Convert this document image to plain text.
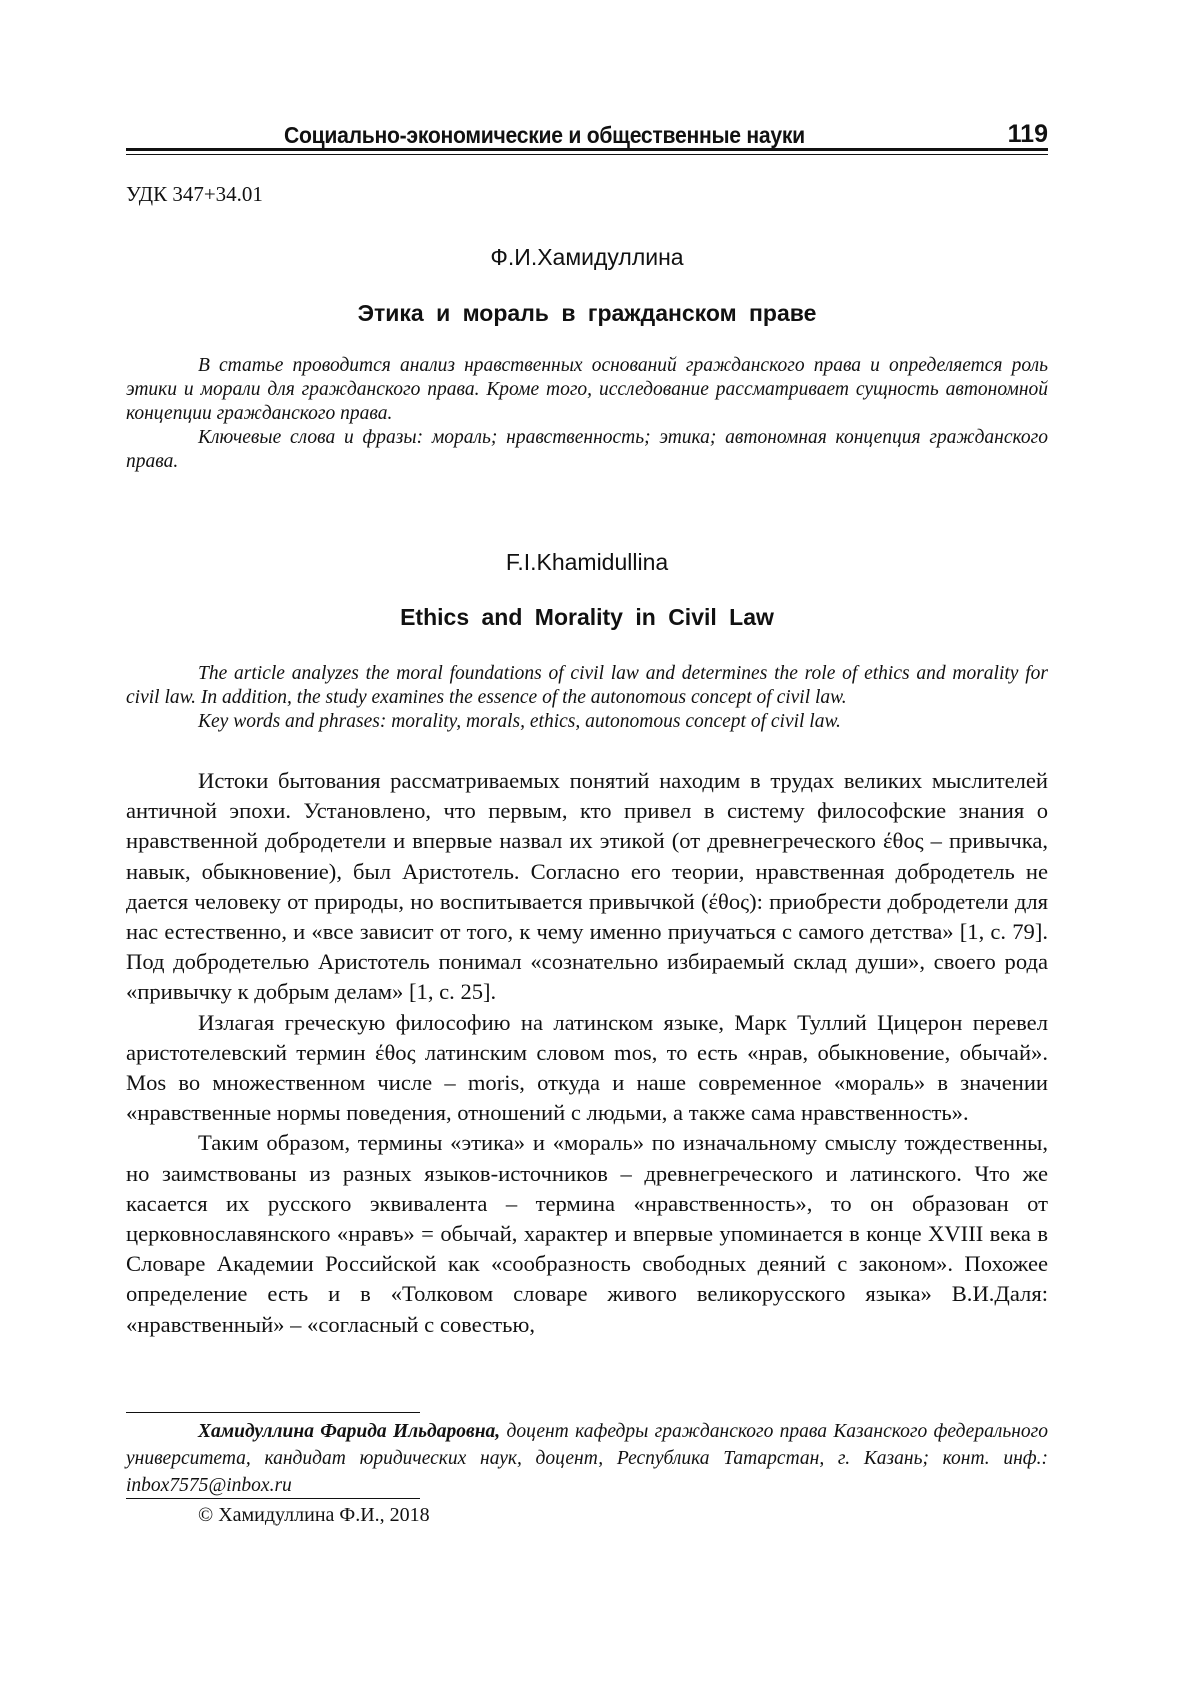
Социально-экономические и общественные науки	119
УДК 347+34.01
Ф.И.Хамидуллина
Этика и мораль в гражданском праве

В статье проводится анализ нравственных оснований гражданского права и определяется роль этики и морали для гражданского права. Кроме того, исследование рассматривает сущность автономной концепции гражданского права.

Ключевые слова и фразы: мораль; нравственность; этика; автономная концепция гражданского права.

F.I.Khamidullina
Ethics and Morality in Civil Law

The article analyzes the moral foundations of civil law and determines the role of ethics and morality for civil law. In addition, the study examines the essence of the autonomous concept of civil law.

Key words and phrases: morality, morals, ethics, autonomous concept of civil law.

Истоки бытования рассматриваемых понятий находим в трудах великих мыслителей античной эпохи. Установлено, что первым, кто привел в систему философские знания о нравственной добродетели и впервые назвал их этикой (от древнегреческого έθος – привычка, навык, обыкновение), был Аристотель. Согласно его теории, нравственная добродетель не дается человеку от природы, но воспитывается привычкой (έθος): приобрести добродетели для нас естественно, и «все зависит от того, к чему именно приучаться с самого детства» [1, с. 79]. Под добродетелью Аристотель понимал «сознательно избираемый склад души», своего рода «привычку к добрым делам» [1, с. 25].

Излагая греческую философию на латинском языке, Марк Туллий Цицерон перевел аристотелевский термин έθος латинским словом mos, то есть «нрав, обыкновение, обычай». Mos во множественном числе – moris, откуда и наше современное «мораль» в значении «нравственные нормы поведения, отношений с людьми, а также сама нравственность».

Таким образом, термины «этика» и «мораль» по изначальному смыслу тождественны, но заимствованы из разных языков-источников – древнегреческого и латинского. Что же касается их русского эквивалента – термина «нравственность», то он образован от церковнославянского «нравъ» = обычай, характер и впервые упоминается в конце XVIII века в Словаре Академии Российской как «сообразность свободных деяний с законом». Похожее определение есть и в «Толковом словаре живого великорусского языка» В.И.Даля: «нравственный» – «согласный с совестью,

Хамидуллина Фарида Ильдаровна, доцент кафедры гражданского права Казанского федерального университета, кандидат юридических наук, доцент, Республика Татарстан, г. Казань; конт. инф.: inbox7575@inbox.ru

© Хамидуллина Ф.И., 2018
